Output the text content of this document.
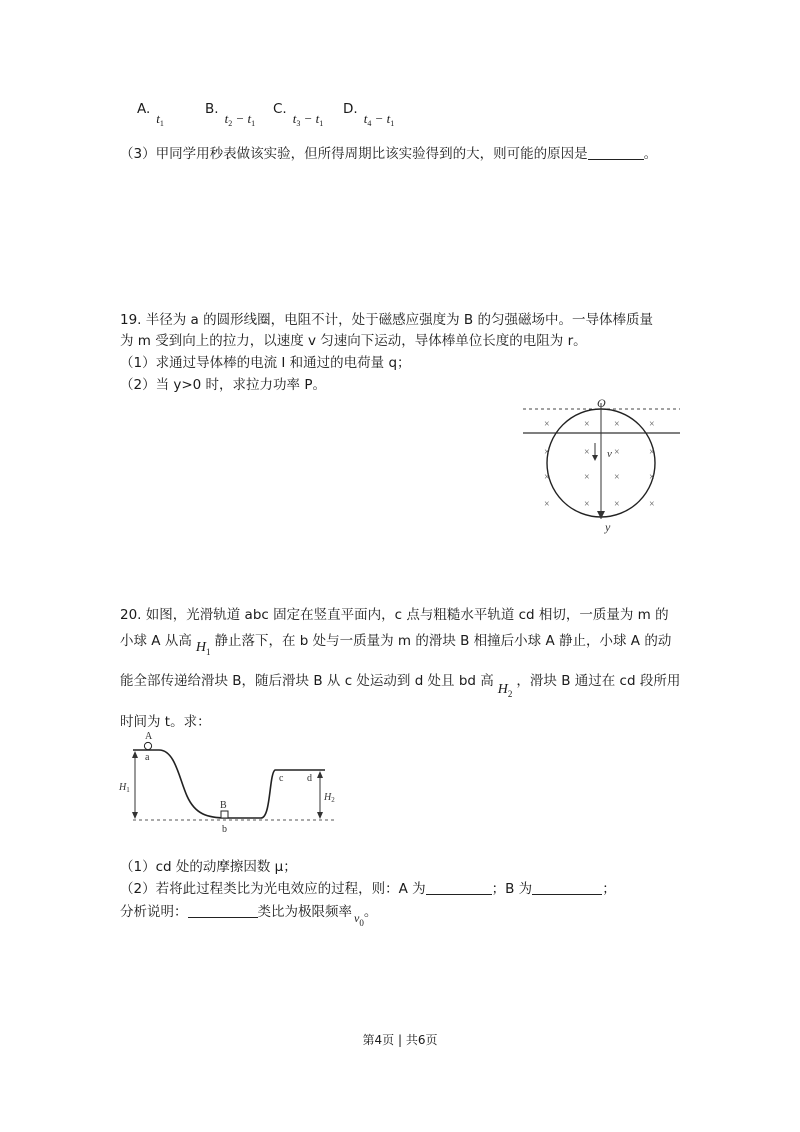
$A.t_1$
$B.t_2 - t_1$
$C.t_3 - t_1$
$D.t_4 - t_1$
（3）甲同学用秒表做该实验，但所得周期比该实验得到的大，则可能的原因是	。
19. 半径为 a 的圆形线圈，电阻不计，处于磁感应强度为 B 的匀强磁场中。一导体棒质量
为 m 受到向上的拉力，以速度 v 匀速向下运动，导体棒单位长度的电阻为 r。
（1）求通过导体棒的电流 I 和通过的电荷量 q；
（2）当 y>0 时，求拉力功率 P。
O
v
y
×	× ×	×
×	× ×	×
×	× ×	×
×	× ×	×
20. 如图，光滑轨道 abc 固定在竖直平面内，c 点与粗糙水平轨道 cd 相切，一质量为 m 的
小球 A 从高 $H_1$静止落下，在 b 处与一质量为 m 的滑块 B 相撞后小球 A 静止，小球 A 的动
能全部传递给滑块 B，随后滑块 B 从 c 处运动到 d 处且 bd 高$H_2$，滑块 B 通过在 cd 段所用
时间为 t。求：
A
a
B
b
c d
$H_1$
$H_2$
（1）cd 处的动摩擦因数 μ；
（2）若将此过程类比为光电效应的过程，则：A 为	；B 为	；
分析说明：	类比为极限频率 $\nu_0$。
第4页 | 共6页
